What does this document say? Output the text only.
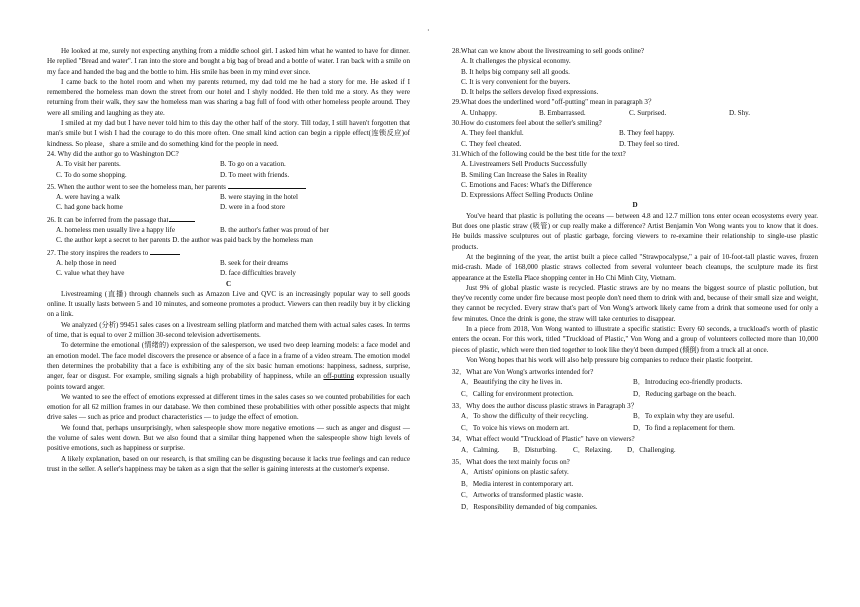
·

He looked at me, surely not expecting anything from a middle school girl. I asked him what he wanted to have for dinner. He replied "Bread and water". I ran into the store and bought a big bag of bread and a bottle of water. I ran back with a smile on my face and handed the bag and the bottle to him. His smile has been in my mind ever since.

I came back to the hotel room and when my parents returned, my dad told me he had a story for me. He asked if I remembered the homeless man down the street from our hotel and I shyly nodded. He then told me a story. As they were returning from their walk, they saw the homeless man was sharing a bag full of food with other homeless people around. They were all smiling and laughing as they ate.

I smiled at my dad but I have never told him to this day the other half of the story. Till today, I still haven't forgotten that man's smile but I wish I had the courage to do this more often. One small kind action can begin a ripple effect(连锁反应)of kindness. So please，share a smile and do something kind for the people in need.

24. Why did the author go to Washington DC?

A. To visit her parents.	B. To go on a vacation.
C. To do some shopping.	D. To meet with friends.

25. When the author went to see the homeless man, her parents

A. were having a walk	B. were staying in the hotel
C. had gone back home	D. were in a food store

26. It can be inferred from the passage that

A. homeless men usually live a happy life	B. the author's father was proud of her
C. the author kept a secret to her parents D. the author was paid back by the homeless man

27. The story inspires the readers to

A. help those in need	B. seek for their dreams
C. value what they have	D. face difficulties bravely

C

Livestreaming (直播) through channels such as Amazon Live and QVC is an increasingly popular way to sell goods online. It usually lasts between 5 and 10 minutes, and someone promotes a product. Viewers can then readily buy it by clicking on a link.

We analyzed (分析) 99451 sales cases on a livestream selling platform and matched them with actual sales cases. In terms of time, that is equal to over 2 million 30-second television advertisements.

To determine the emotional (情绪的) expression of the salesperson, we used two deep learning models: a face model and an emotion model. The face model discovers the presence or absence of a face in a frame of a video stream. The emotion model then determines the probability that a face is exhibiting any of the six basic human emotions: happiness, sadness, surprise, anger, fear or disgust. For example, smiling signals a high probability of happiness, while an off-putting expression usually points toward anger.

We wanted to see the effect of emotions expressed at different times in the sales cases so we counted probabilities for each emotion for all 62 million frames in our database. We then combined these probabilities with other possible aspects that might drive sales — such as price and product characteristics — to judge the effect of emotion.

We found that, perhaps unsurprisingly, when salespeople show more negative emotions — such as anger and disgust — the volume of sales went down. But we also found that a similar thing happened when the salespeople show high levels of positive emotions, such as happiness or surprise.

A likely explanation, based on our research, is that smiling can be disgusting because it lacks true feelings and can reduce trust in the seller. A seller's happiness may be taken as a sign that the seller is gaining interests at the customer's expense.

28.What can we know about the livestreaming to sell goods online?

A. It challenges the physical economy.
B. It helps big company sell all goods.
C. It is very convenient for the buyers.
D. It helps the sellers develop fixed expressions.

29.What does the underlined word "off-putting" mean in paragraph 3？

A. Unhappy.	B. Embarrassed.	C. Surprised.	D. Shy.

30.How do customers feel about the seller's smiling?

A. They feel thankful.	B. They feel happy.
C. They feel cheated.	D. They feel so tired.

31.Which of the following could be the best title for the text?

A. Livestreamers Sell Products Successfully
B. Smiling Can Increase the Sales in Reality
C. Emotions and Faces: What's the Difference
D. Expressions Affect Selling Products Online

D

You've heard that plastic is polluting the oceans — between 4.8 and 12.7 million tons enter ocean ecosystems every year. But does one plastic straw (吸管) or cup really make a difference? Artist Benjamin Von Wong wants you to know that it does. He builds massive sculptures out of plastic garbage, forcing viewers to re-examine their relationship to single-use plastic products.

At the beginning of the year, the artist built a piece called "Strawpocalypse," a pair of 10-foot-tall plastic waves, frozen mid-crash. Made of 168,000 plastic straws collected from several volunteer beach cleanups, the sculpture made its first appearance at the Estella Place shopping center in Ho Chi Minh City, Vietnam.

Just 9% of global plastic waste is recycled. Plastic straws are by no means the biggest source of plastic pollution, but they've recently come under fire because most people don't need them to drink with and, because of their small size and weight, they cannot be recycled. Every straw that's part of Von Wong's artwork likely came from a drink that someone used for only a few minutes. Once the drink is gone, the straw will take centuries to disappear.

In a piece from 2018, Von Wong wanted to illustrate a specific statistic: Every 60 seconds, a truckload's worth of plastic enters the ocean. For this work, titled "Truckload of Plastic," Von Wong and a group of volunteers collected more than 10,000 pieces of plastic, which were then tied together to look like they'd been dumped (倾倒) from a truck all at once.

Von Wong hopes that his work will also help pressure big companies to reduce their plastic footprint.

32．What are Von Wong's artworks intended for?

A．Beautifying the city he lives in.	B．Introducing eco-friendly products.
C．Calling for environment protection.	D．Reducing garbage on the beach.

33．Why does the author discuss plastic straws in Paragraph 3？

A．To show the difficulty of their recycling.	B．To explain why they are useful.
C．To voice his views on modern art.	D．To find a replacement for them.

34．What effect would "Truckload of Plastic" have on viewers?

A．Calming.	B．Disturbing.	C．Relaxing.	D．Challenging.

35．What does the text mainly focus on?

A．Artists' opinions on plastic safety.
B．Media interest in contemporary art.
C．Artworks of transformed plastic waste.
D．Responsibility demanded of big companies.
